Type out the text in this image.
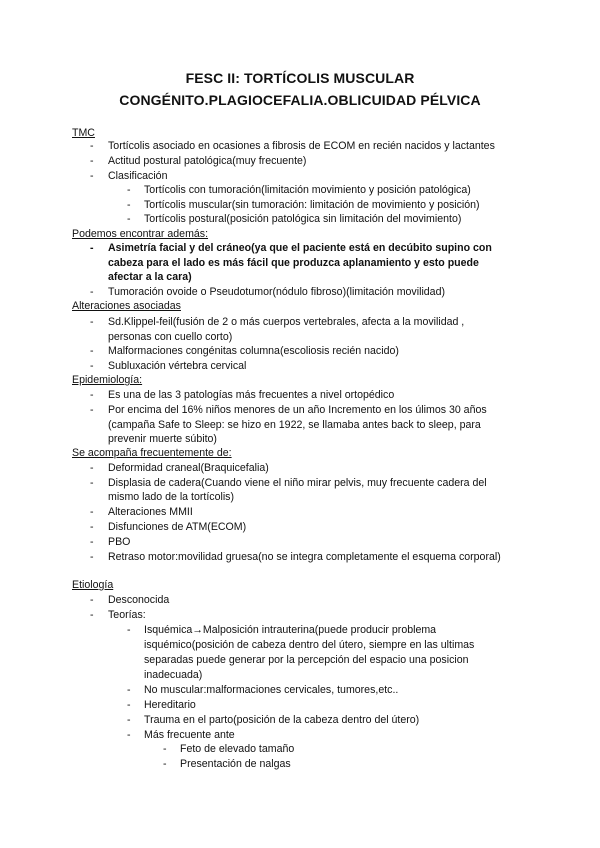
FESC II: TORTÍCOLIS MUSCULAR
CONGÉNITO.PLAGIOCEFALIA.OBLICUIDAD PÉLVICA

TMC

- Tortícolis asociado en ocasiones a fibrosis de ECOM en recién nacidos y lactantes

- Actitud postural patológica(muy frecuente)

- Clasificación

- Tortícolis con tumoración(limitación movimiento y posición patológica)

- Tortícolis muscular(sin tumoración: limitación de movimiento y posición)

- Tortícolis postural(posición patológica sin limitación del movimiento)

Podemos encontrar además:

- Asimetría facial y del cráneo(ya que el paciente está en decúbito supino con

cabeza para el lado es más fácil que produzca aplanamiento y esto puede

afectar a la cara)

- Tumoración ovoide o Pseudotumor(nódulo fibroso)(limitación movilidad)

Alteraciones asociadas

- Sd.Klippel-feil(fusión de 2 o más cuerpos vertebrales, afecta a la movilidad ,

personas con cuello corto)

- Malformaciones congénitas columna(escoliosis recién nacido)

- Subluxación vértebra cervical

Epidemiología:

- Es una de las 3 patologías más frecuentes a nivel ortopédico

- Por encima del 16% niños menores de un año Incremento en los úlimos 30 años

(campaña Safe to Sleep: se hizo en 1922, se llamaba antes back to sleep, para

prevenir muerte súbito)

Se acompaña frecuentemente de:

- Deformidad craneal(Braquicefalia)

- Displasia de cadera(Cuando viene el niño mirar pelvis, muy frecuente cadera del

mismo lado de la tortícolis)

- Alteraciones MMII

- Disfunciones de ATM(ECOM)

- PBO

- Retraso motor:movilidad gruesa(no se integra completamente el esquema corporal)

Etiología

- Desconocida

- Teorías:

- Isquémica→Malposición intrauterina(puede producir problema

isquémico(posición de cabeza dentro del útero, siempre en las ultimas

separadas puede generar por la percepción del espacio una posicion

inadecuada)

- No muscular:malformaciones cervicales, tumores,etc..

- Hereditario

- Trauma en el parto(posición de la cabeza dentro del útero)

- Más frecuente ante

- Feto de elevado tamaño

- Presentación de nalgas
